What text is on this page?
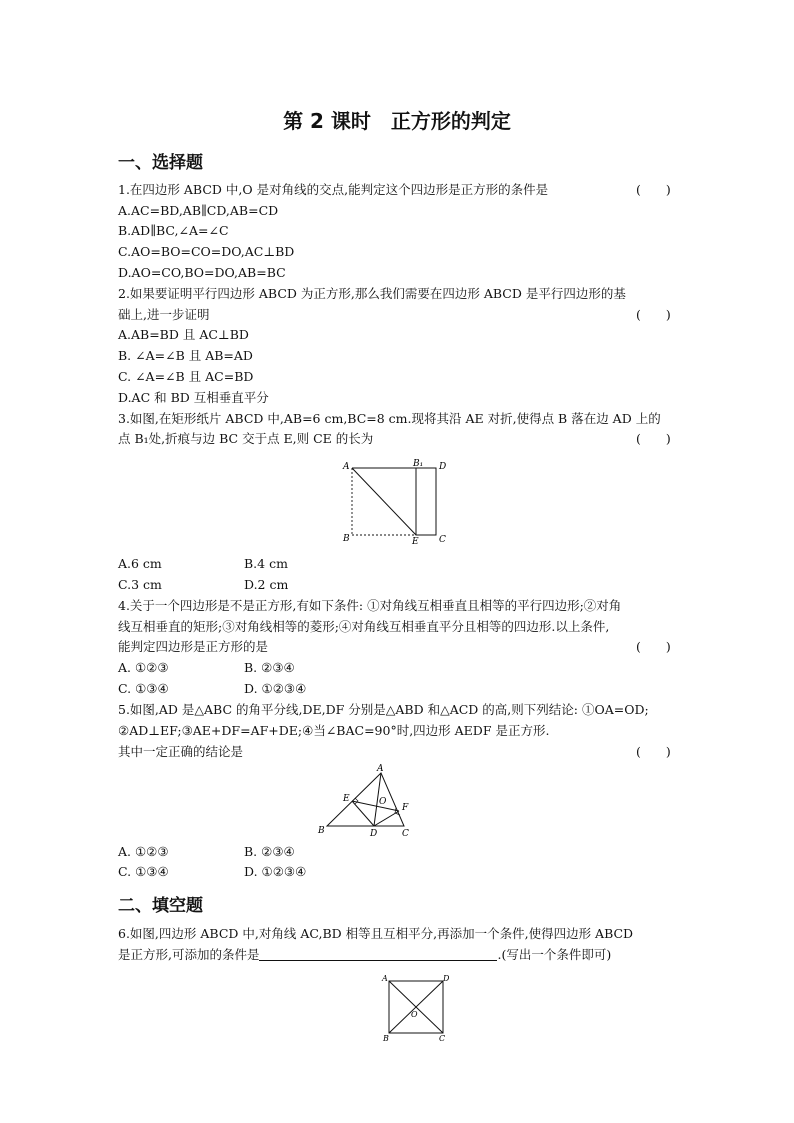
第 2 课时　正方形的判定
一、选择题
1.在四边形 ABCD 中,O 是对角线的交点,能判定这个四边形是正方形的条件是	(　　)
A.AC=BD,AB∥CD,AB=CD
B.AD∥BC,∠A=∠C
C.AO=BO=CO=DO,AC⊥BD
D.AO=CO,BO=DO,AB=BC
2.如果要证明平行四边形 ABCD 为正方形,那么我们需要在四边形 ABCD 是平行四边形的基
础上,进一步证明	(　　)
A.AB=BD 且 AC⊥BD
B. ∠A=∠B 且 AB=AD
C. ∠A=∠B 且 AC=BD
D.AC 和 BD 互相垂直平分
3.如图,在矩形纸片 ABCD 中,AB=6 cm,BC=8 cm.现将其沿 AE 对折,使得点 B 落在边 AD 上的
点 B₁处,折痕与边 BC 交于点 E,则 CE 的长为	(　　)
A	B₁ D
B	E C
A.6 cm	B.4 cm
C.3 cm	D.2 cm
4.关于一个四边形是不是正方形,有如下条件: ①对角线互相垂直且相等的平行四边形;②对角
线互相垂直的矩形;③对角线相等的菱形;④对角线互相垂直平分且相等的四边形.以上条件,
能判定四边形是正方形的是	(　　)
A. ①②③	B. ②③④
C. ①③④	D. ①②③④
5.如图,AD 是△ABC 的角平分线,DE,DF 分别是△ABD 和△ACD 的高,则下列结论: ①OA=OD;
②AD⊥EF;③AE+DF=AF+DE;④当∠BAC=90°时,四边形 AEDF 是正方形.
其中一定正确的结论是	(　　)
A
E	O
F
B	D	C
A. ①②③	B. ②③④
C. ①③④	D. ①②③④
二、填空题
6.如图,四边形 ABCD 中,对角线 AC,BD 相等且互相平分,再添加一个条件,使得四边形 ABCD
是正方形,可添加的条件是	.(写出一个条件即可)
A	D
O
B	C
